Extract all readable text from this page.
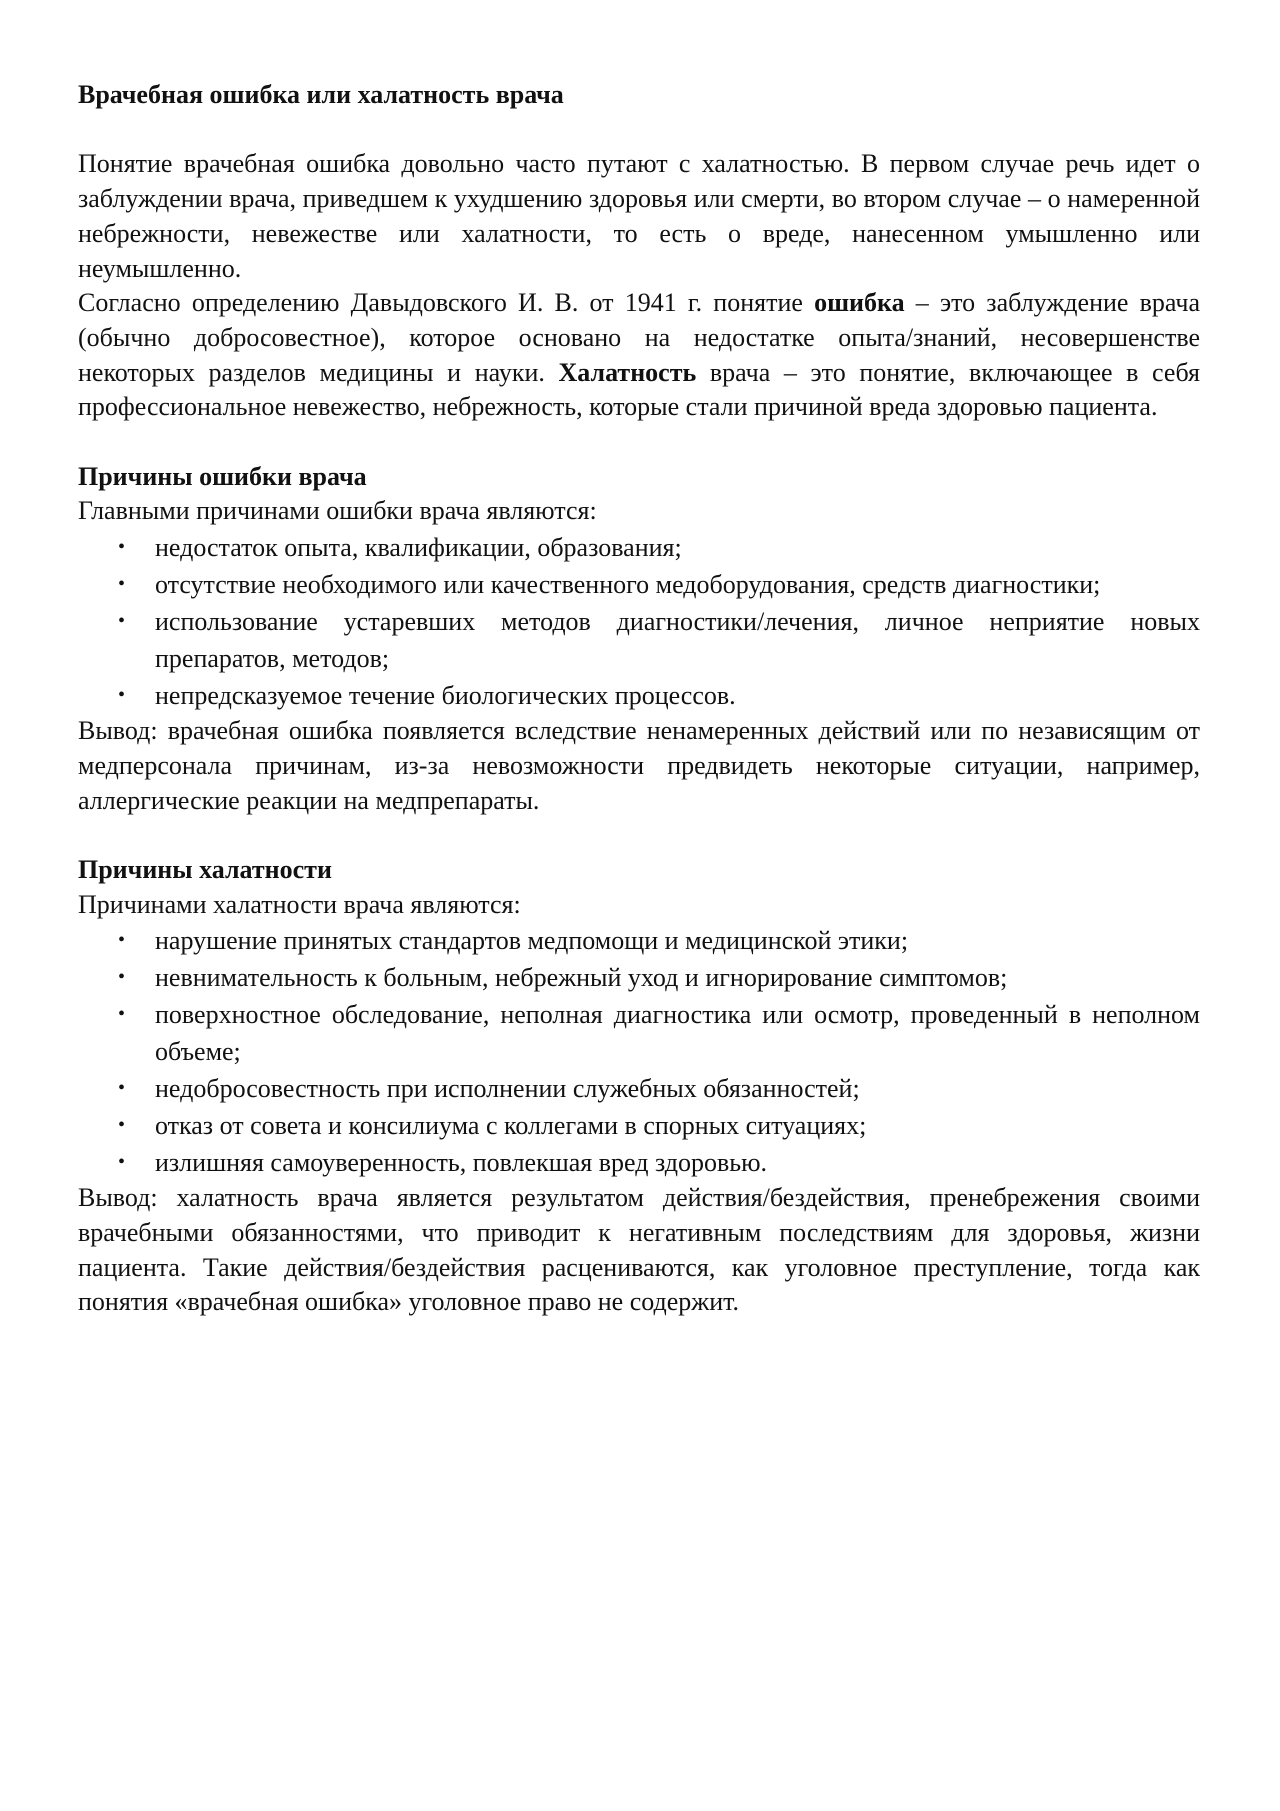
Врачебная ошибка или халатность врача

Понятие врачебная ошибка довольно часто путают с халатностью. В первом случае речь идет о заблуждении врача, приведшем к ухудшению здоровья или смерти, во втором случае – о намеренной небрежности, невежестве или халатности, то есть о вреде, нанесенном умышленно или неумышленно.

Согласно определению Давыдовского И. В. от 1941 г. понятие ошибка – это заблуждение врача (обычно добросовестное), которое основано на недостатке опыта/знаний, несовершенстве некоторых разделов медицины и науки. Халатность врача – это понятие, включающее в себя профессиональное невежество, небрежность, которые стали причиной вреда здоровью пациента.

Причины ошибки врача

Главными причинами ошибки врача являются:

• недостаток опыта, квалификации, образования;
• отсутствие необходимого или качественного медоборудования, средств диагностики;
• использование устаревших методов диагностики/лечения, личное неприятие новых препаратов, методов;
• непредсказуемое течение биологических процессов.

Вывод: врачебная ошибка появляется вследствие ненамеренных действий или по независящим от медперсонала причинам, из-за невозможности предвидеть некоторые ситуации, например, аллергические реакции на медпрепараты.

Причины халатности

Причинами халатности врача являются:

• нарушение принятых стандартов медпомощи и медицинской этики;
• невнимательность к больным, небрежный уход и игнорирование симптомов;
• поверхностное обследование, неполная диагностика или осмотр, проведенный в неполном объеме;
• недобросовестность при исполнении служебных обязанностей;
• отказ от совета и консилиума с коллегами в спорных ситуациях;
• излишняя самоуверенность, повлекшая вред здоровью.

Вывод: халатность врача является результатом действия/бездействия, пренебрежения своими врачебными обязанностями, что приводит к негативным последствиям для здоровья, жизни пациента. Такие действия/бездействия расцениваются, как уголовное преступление, тогда как понятия «врачебная ошибка» уголовное право не содержит.
